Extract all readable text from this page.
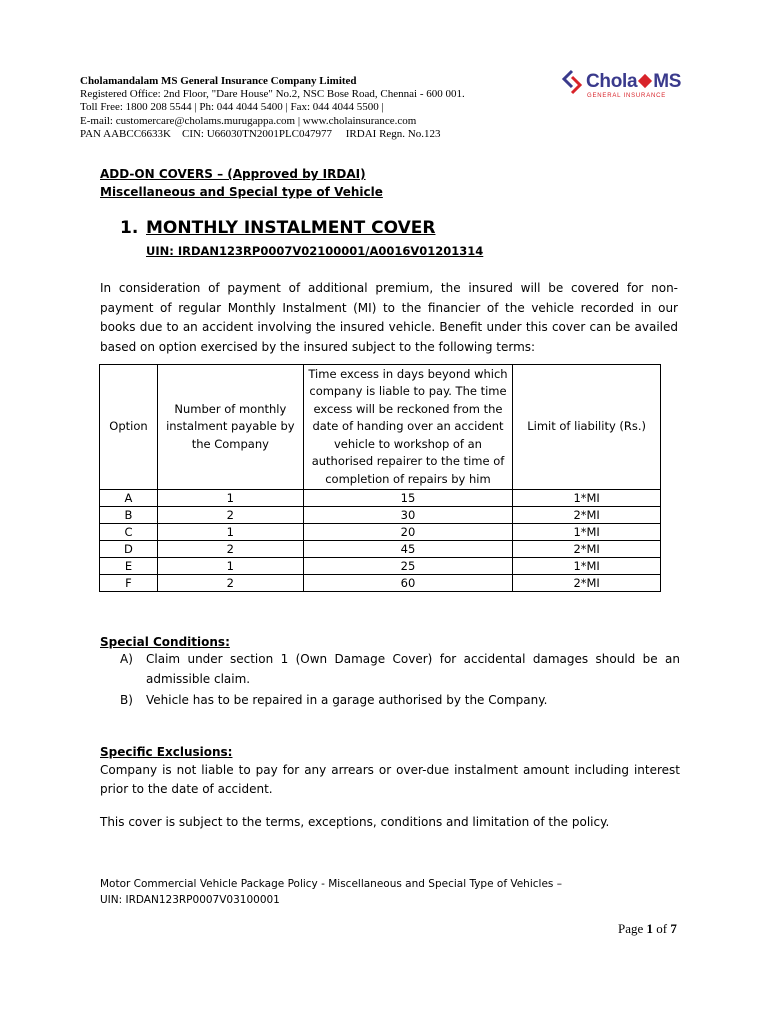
Cholamandalam MS General Insurance Company Limited
Registered Office: 2nd Floor, "Dare House" No.2, NSC Bose Road, Chennai - 600 001.
Toll Free: 1800 208 5544 | Ph: 044 4044 5400 | Fax: 044 4044 5500 |
E-mail: customercare@cholams.murugappa.com | www.cholainsurance.com
PAN AABCC6633K    CIN: U66030TN2001PLC047977     IRDAI Regn. No.123
Chola MS
GENERAL INSURANCE
ADD-ON COVERS – (Approved by IRDAI)
Miscellaneous and Special type of Vehicle
1. MONTHLY INSTALMENT COVER
UIN: IRDAN123RP0007V02100001/A0016V01201314
In consideration of payment of additional premium, the insured will be covered for non-payment of regular Monthly Instalment (MI) to the financier of the vehicle recorded in our books due to an accident involving the insured vehicle. Benefit under this cover can be availed based on option exercised by the insured subject to the following terms:
Option	Number of monthly instalment payable by the Company	Time excess in days beyond which company is liable to pay. The time excess will be reckoned from the date of handing over an accident vehicle to workshop of an authorised repairer to the time of completion of repairs by him	Limit of liability (Rs.)
A	1	15	1*MI
B	2	30	2*MI
C	1	20	1*MI
D	2	45	2*MI
E	1	25	1*MI
F	2	60	2*MI
Special Conditions:
A) Claim under section 1 (Own Damage Cover) for accidental damages should be an admissible claim.
B) Vehicle has to be repaired in a garage authorised by the Company.
Specific Exclusions:
Company is not liable to pay for any arrears or over-due instalment amount including interest prior to the date of accident.
This cover is subject to the terms, exceptions, conditions and limitation of the policy.
Motor Commercial Vehicle Package Policy - Miscellaneous and Special Type of Vehicles –
UIN: IRDAN123RP0007V03100001
Page 1 of 7
